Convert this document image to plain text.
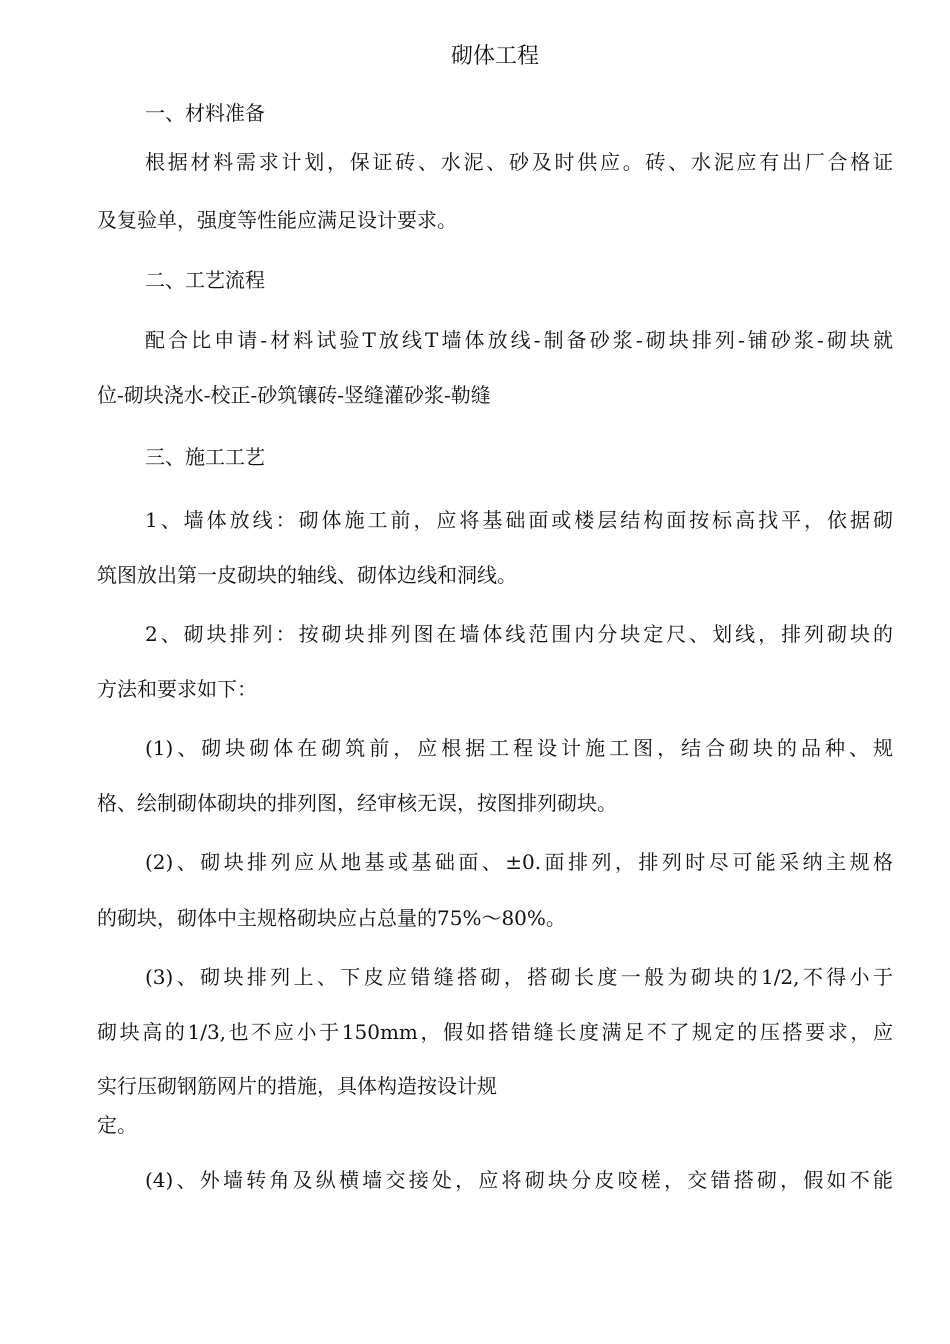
砌体工程

一、材料准备

根据材料需求计划，保证砖、水泥、砂及时供应。砖、水泥应有出厂合格证

及复验单，强度等性能应满足设计要求。

二、工艺流程

配合比申请-材料试验T放线T墙体放线-制备砂浆-砌块排列-铺砂浆-砌块就

位-砌块浇水-校正-砂筑镶砖-竖缝灌砂浆-勒缝

三、施工工艺

1、墙体放线：砌体施工前，应将基础面或楼层结构面按标高找平，依据砌

筑图放出第一皮砌块的轴线、砌体边线和洞线。

2、砌块排列：按砌块排列图在墙体线范围内分块定尺、划线，排列砌块的

方法和要求如下：

(1)、砌块砌体在砌筑前，应根据工程设计施工图，结合砌块的品种、规

格、绘制砌体砌块的排列图，经审核无误，按图排列砌块。

(2)、砌块排列应从地基或基础面、±0.面排列，排列时尽可能采纳主规格

的砌块，砌体中主规格砌块应占总量的75%〜80%。

(3)、砌块排列上、下皮应错缝搭砌，搭砌长度一般为砌块的1/2,不得小于

砌块高的1/3,也不应小于150mm，假如搭错缝长度满足不了规定的压搭要求，应

实行压砌钢筋网片的措施，具体构造按设计规

定。

(4)、外墙转角及纵横墙交接处，应将砌块分皮咬槎，交错搭砌，假如不能
